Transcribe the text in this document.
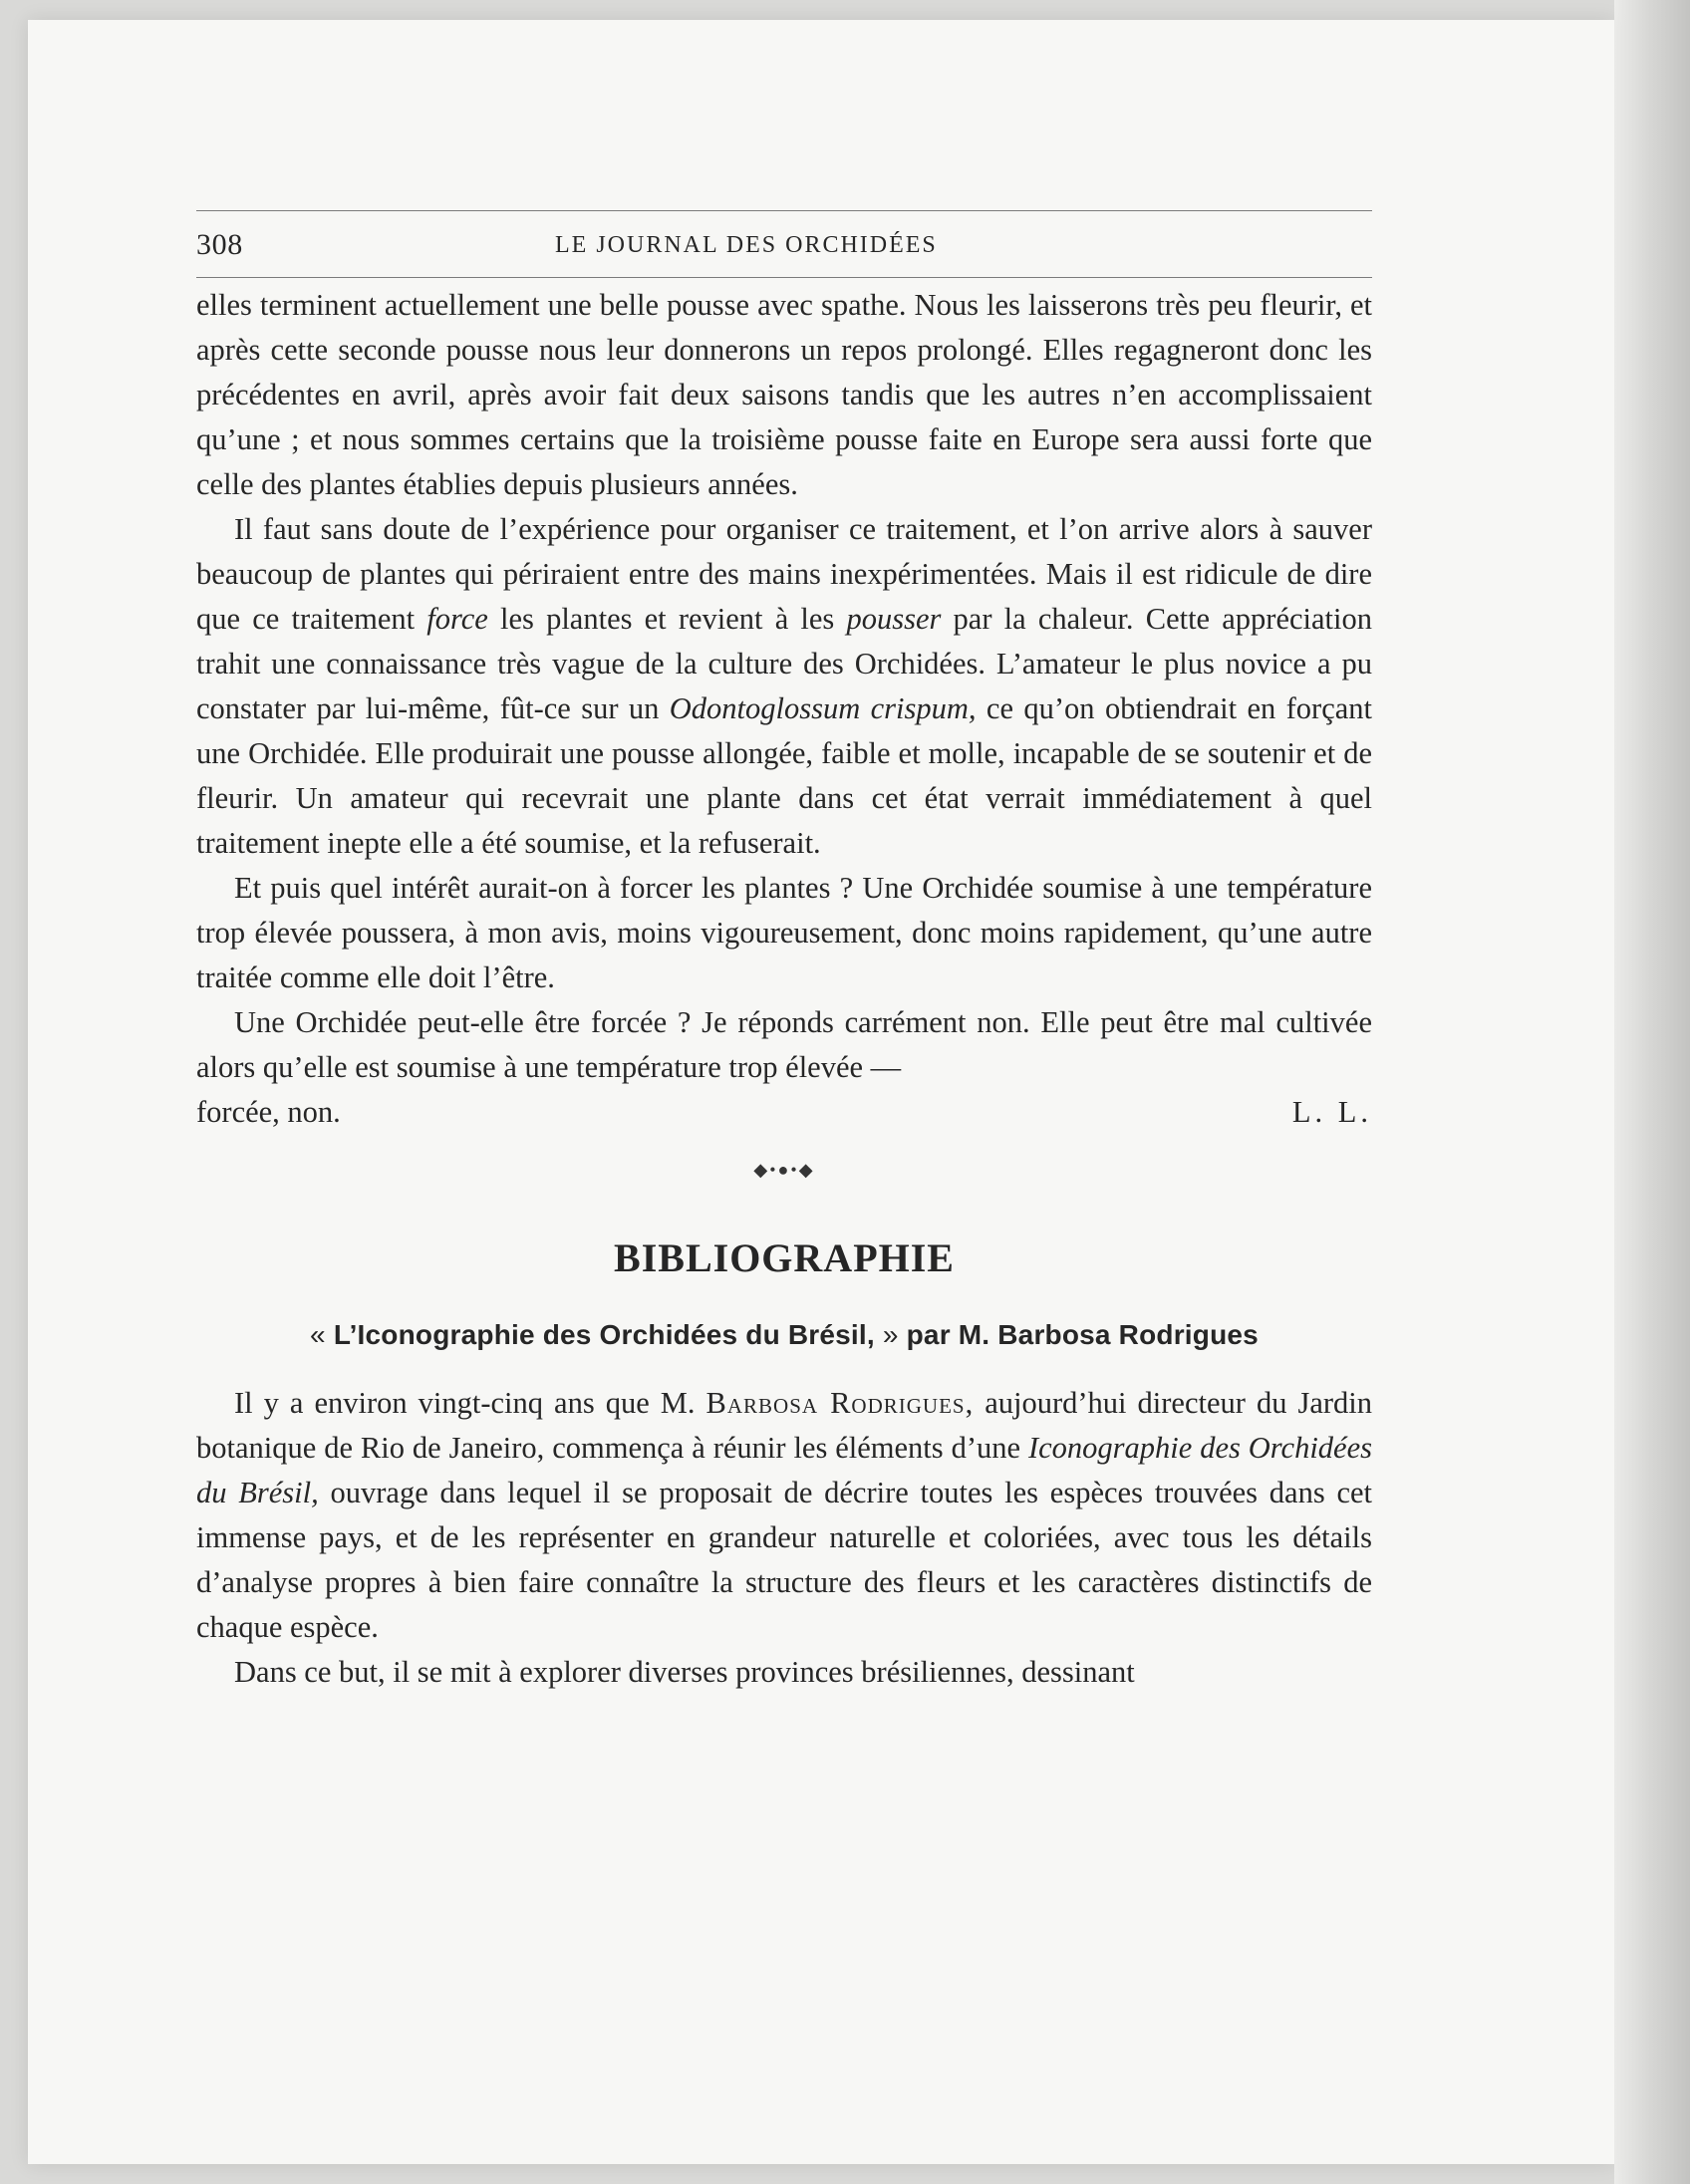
308	LE JOURNAL DES ORCHIDÉES

elles terminent actuellement une belle pousse avec spathe. Nous les laisserons très peu fleurir, et après cette seconde pousse nous leur donnerons un repos prolongé. Elles regagneront donc les précédentes en avril, après avoir fait deux saisons tandis que les autres n’en accomplissaient qu’une ; et nous sommes certains que la troisième pousse faite en Europe sera aussi forte que celle des plantes établies depuis plusieurs années.

Il faut sans doute de l’expérience pour organiser ce traitement, et l’on arrive alors à sauver beaucoup de plantes qui périraient entre des mains inexpérimentées. Mais il est ridicule de dire que ce traitement force les plantes et revient à les pousser par la chaleur. Cette appréciation trahit une connaissance très vague de la culture des Orchidées. L’amateur le plus novice a pu constater par lui-même, fût-ce sur un Odontoglossum crispum, ce qu’on obtiendrait en forçant une Orchidée. Elle produirait une pousse allongée, faible et molle, incapable de se soutenir et de fleurir. Un amateur qui recevrait une plante dans cet état verrait immédiatement à quel traitement inepte elle a été soumise, et la refuserait.

Et puis quel intérêt aurait-on à forcer les plantes ? Une Orchidée soumise à une température trop élevée poussera, à mon avis, moins vigoureusement, donc moins rapidement, qu’une autre traitée comme elle doit l’être.

Une Orchidée peut-elle être forcée ? Je réponds carrément non. Elle peut être mal cultivée alors qu’elle est soumise à une température trop élevée —

forcée, non.	L. L.
◆•●•◆
BIBLIOGRAPHIE
« L’Iconographie des Orchidées du Brésil, » par M. Barbosa Rodrigues

Il y a environ vingt-cinq ans que M. Barbosa Rodrigues, aujourd’hui directeur du Jardin botanique de Rio de Janeiro, commença à réunir les éléments d’une Iconographie des Orchidées du Brésil, ouvrage dans lequel il se proposait de décrire toutes les espèces trouvées dans cet immense pays, et de les représenter en grandeur naturelle et coloriées, avec tous les détails d’analyse propres à bien faire connaître la structure des fleurs et les caractères distinctifs de chaque espèce.

Dans ce but, il se mit à explorer diverses provinces brésiliennes, dessinant
